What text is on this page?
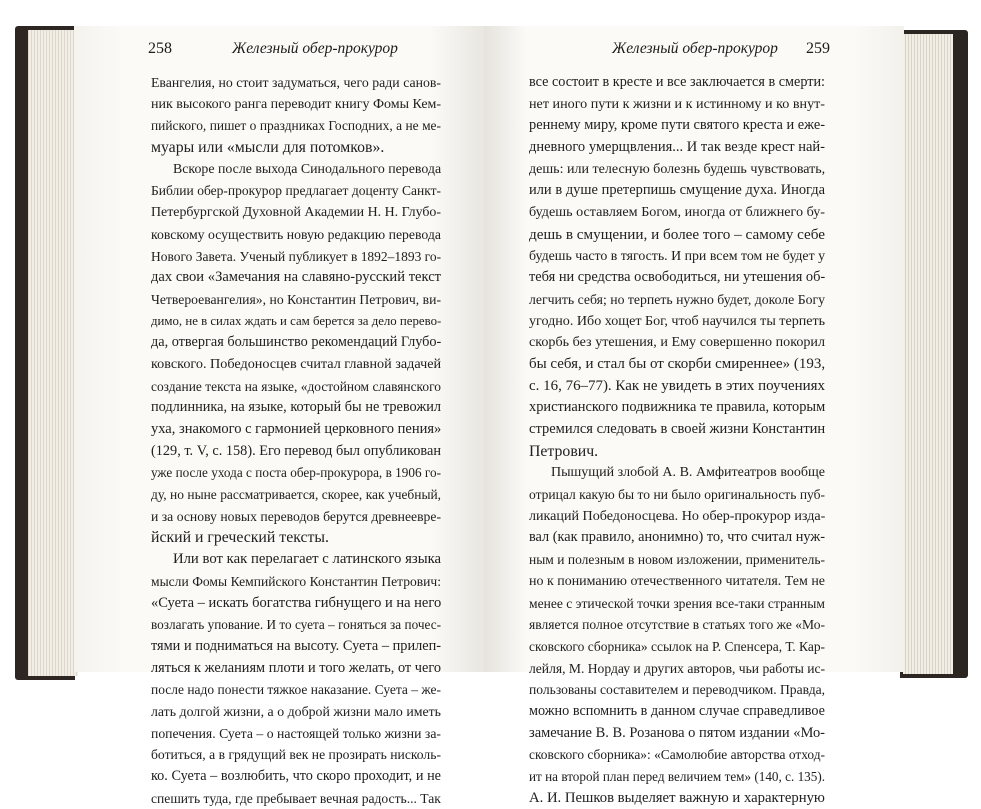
258	Железный обер-прокурор	Железный обер-прокурор 259
Евангелия, но стоит задуматься, чего ради санов-
ник высокого ранга переводит книгу Фомы Кем-
пийского, пишет о праздниках Господних, а не ме-
муары или «мысли для потомков».
Вскоре после выхода Синодального перевода
Библии обер-прокурор предлагает доценту Санкт-
Петербургской Духовной Академии Н. Н. Глубо-
ковскому осуществить новую редакцию перевода
Нового Завета. Ученый публикует в 1892–1893 го-
дах свои «Замечания на славяно-русский текст
Четвероевангелия», но Константин Петрович, ви-
димо, не в силах ждать и сам берется за дело перево-
да, отвергая большинство рекомендаций Глубо-
ковского. Победоносцев считал главной задачей
создание текста на языке, «достойном славянского
подлинника, на языке, который бы не тревожил
уха, знакомого с гармонией церковного пения»
(129, т. V, с. 158). Его перевод был опубликован
уже после ухода с поста обер-прокурора, в 1906 го-
ду, но ныне рассматривается, скорее, как учебный,
и за основу новых переводов берутся древнеевре-
йский и греческий тексты.
Или вот как перелагает с латинского языка
мысли Фомы Кемпийского Константин Петрович:
«Суета – искать богатства гибнущего и на него
возлагать упование. И то суета – гоняться за почес-
тями и подниматься на высоту. Суета – прилеп-
ляться к желаниям плоти и того желать, от чего
после надо понести тяжкое наказание. Суета – же-
лать долгой жизни, а о доброй жизни мало иметь
попечения. Суета – о настоящей только жизни за-
ботиться, а в грядущий век не прозирать нисколь-
ко. Суета – возлюбить, что скоро проходит, и не
спешить туда, где пребывает вечная радость... Так
все состоит в кресте и все заключается в смерти:
нет иного пути к жизни и к истинному и ко внут-
реннему миру, кроме пути святого креста и еже-
дневного умерщвления... И так везде крест най-
дешь: или телесную болезнь будешь чувствовать,
или в душе претерпишь смущение духа. Иногда
будешь оставляем Богом, иногда от ближнего бу-
дешь в смущении, и более того – самому себе
будешь часто в тягость. И при всем том не будет у
тебя ни средства освободиться, ни утешения об-
легчить себя; но терпеть нужно будет, доколе Богу
угодно. Ибо хощет Бог, чтоб научился ты терпеть
скорбь без утешения, и Ему совершенно покорил
бы себя, и стал бы от скорби смиреннее» (193,
с. 16, 76–77). Как не увидеть в этих поучениях
христианского подвижника те правила, которым
стремился следовать в своей жизни Константин
Петрович.
Пышущий злобой А. В. Амфитеатров вообще
отрицал какую бы то ни было оригинальность пуб-
ликаций Победоносцева. Но обер-прокурор изда-
вал (как правило, анонимно) то, что считал нуж-
ным и полезным в новом изложении, применитель-
но к пониманию отечественного читателя. Тем не
менее с этической точки зрения все-таки странным
является полное отсутствие в статьях того же «Мо-
сковского сборника» ссылок на Р. Спенсера, Т. Кар-
лейля, М. Нордау и других авторов, чьи работы ис-
пользованы составителем и переводчиком. Правда,
можно вспомнить в данном случае справедливое
замечание В. В. Розанова о пятом издании «Мо-
сковского сборника»: «Самолюбие авторства отход-
ит на второй план перед величием тем» (140, с. 135).
А. И. Пешков выделяет важную и характерную
